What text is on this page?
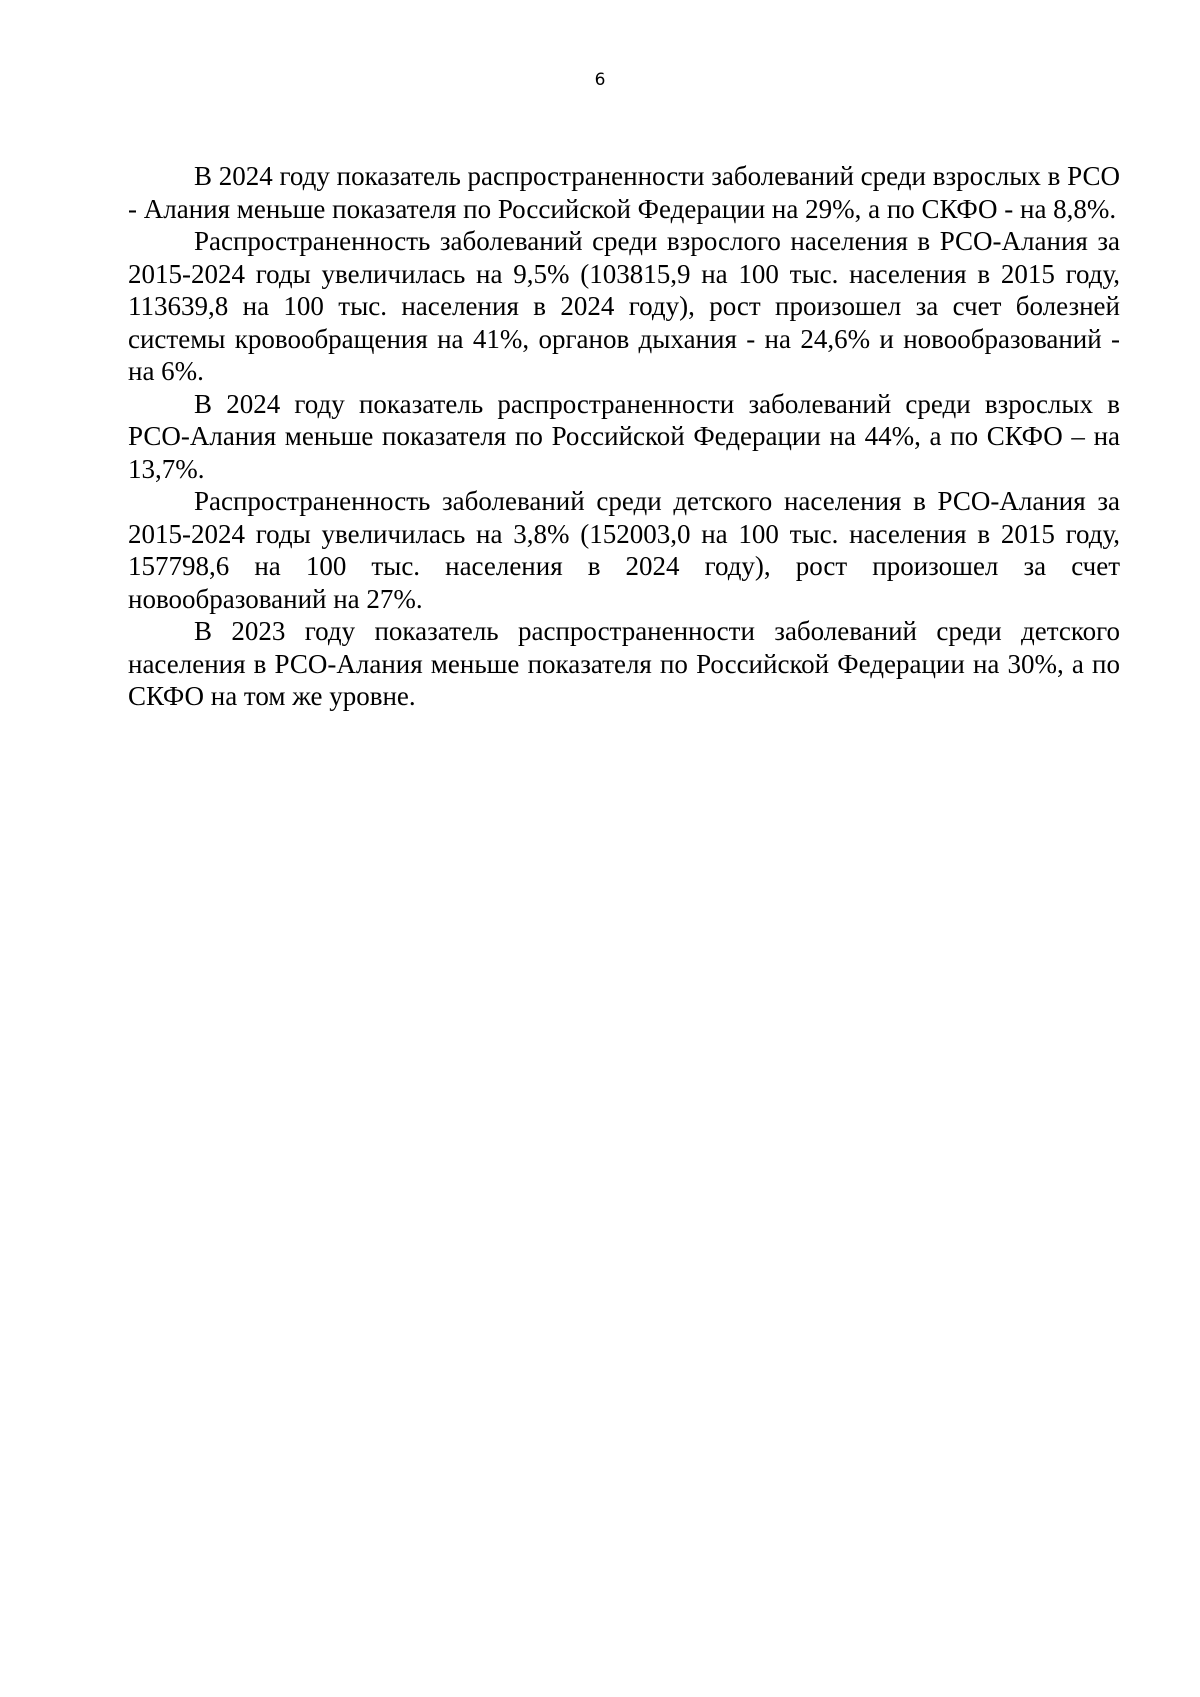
6

В 2024 году показатель распространенности заболеваний среди взрослых в РСО - Алания меньше показателя по Российской Федерации на 29%, а по СКФО - на 8,8%.

Распространенность заболеваний среди взрослого населения в РСО-Алания за 2015-2024 годы увеличилась на 9,5% (103815,9 на 100 тыс. населения в 2015 году, 113639,8 на 100 тыс. населения в 2024 году), рост произошел за счет болезней системы кровообращения на 41%, органов дыхания - на 24,6% и новообразований - на 6%.

В 2024 году показатель распространенности заболеваний среди взрослых в РСО-Алания меньше показателя по Российской Федерации на 44%, а по СКФО – на 13,7%.

Распространенность заболеваний среди детского населения в РСО-Алания за 2015-2024 годы увеличилась на 3,8% (152003,0 на 100 тыс. населения в 2015 году, 157798,6 на 100 тыс. населения в 2024 году), рост произошел за счет новообразований на 27%.

В 2023 году показатель распространенности заболеваний среди детского населения в РСО-Алания меньше показателя по Российской Федерации на 30%, а по СКФО на том же уровне.
